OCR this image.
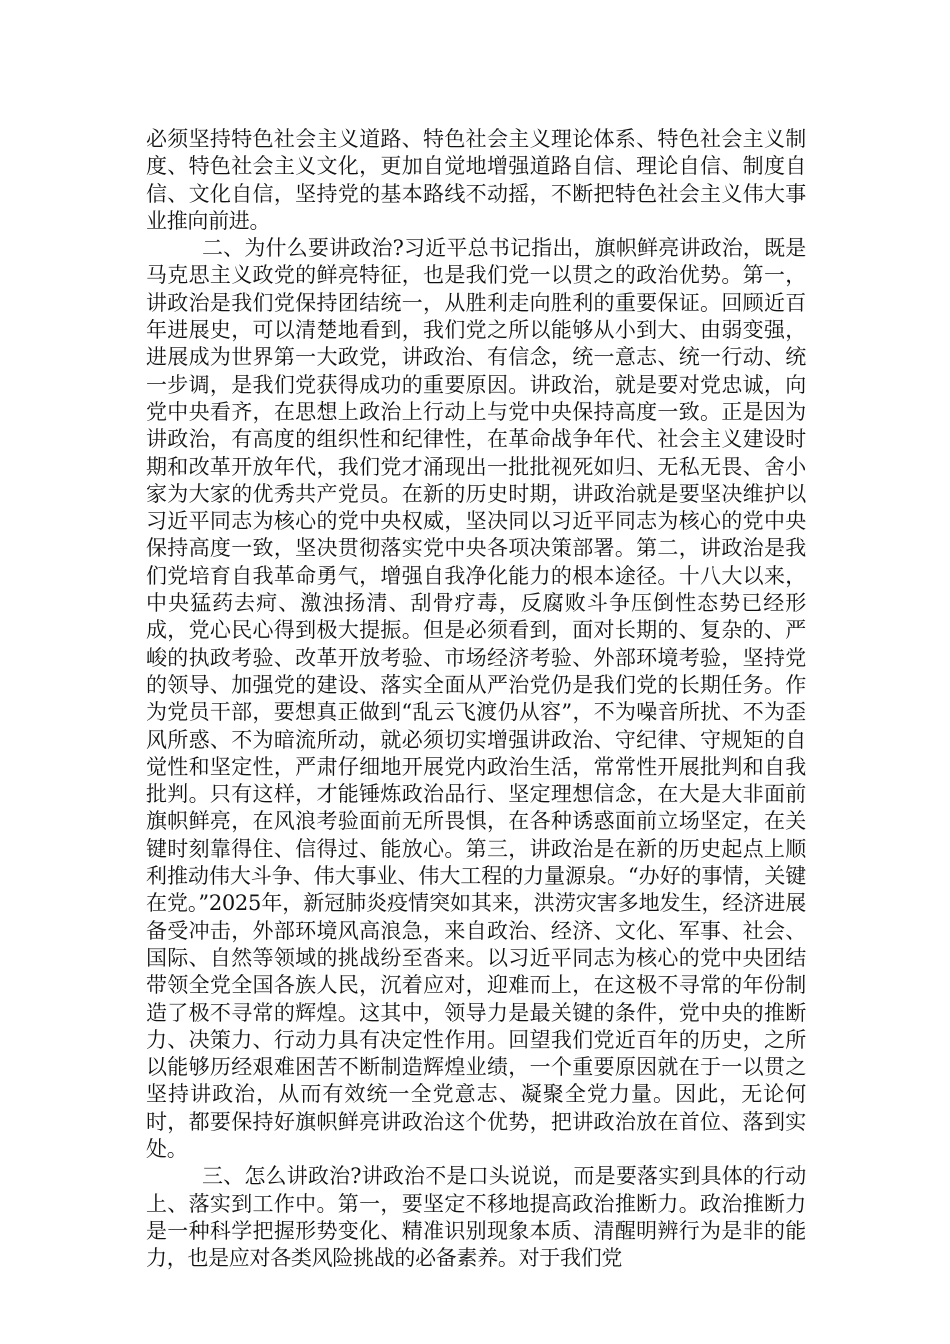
必须坚持特色社会主义道路、特色社会主义理论体系、特色社会主义制度、特色社会主义文化，更加自觉地增强道路自信、理论自信、制度自信、文化自信，坚持党的基本路线不动摇，不断把特色社会主义伟大事业推向前进。

二、为什么要讲政治?习近平总书记指出，旗帜鲜亮讲政治，既是马克思主义政党的鲜亮特征，也是我们党一以贯之的政治优势。第一，讲政治是我们党保持团结统一，从胜利走向胜利的重要保证。回顾近百年进展史，可以清楚地看到，我们党之所以能够从小到大、由弱变强，进展成为世界第一大政党，讲政治、有信念，统一意志、统一行动、统一步调，是我们党获得成功的重要原因。讲政治，就是要对党忠诚，向党中央看齐，在思想上政治上行动上与党中央保持高度一致。正是因为讲政治，有高度的组织性和纪律性，在革命战争年代、社会主义建设时期和改革开放年代，我们党才涌现出一批批视死如归、无私无畏、舍小家为大家的优秀共产党员。在新的历史时期，讲政治就是要坚决维护以习近平同志为核心的党中央权威，坚决同以习近平同志为核心的党中央保持高度一致，坚决贯彻落实党中央各项决策部署。第二，讲政治是我们党培育自我革命勇气，增强自我净化能力的根本途径。十八大以来，中央猛药去疴、激浊扬清、刮骨疗毒，反腐败斗争压倒性态势已经形成，党心民心得到极大提振。但是必须看到，面对长期的、复杂的、严峻的执政考验、改革开放考验、市场经济考验、外部环境考验，坚持党的领导、加强党的建设、落实全面从严治党仍是我们党的长期任务。作为党员干部，要想真正做到“乱云飞渡仍从容”，不为噪音所扰、不为歪风所惑、不为暗流所动，就必须切实增强讲政治、守纪律、守规矩的自觉性和坚定性，严肃仔细地开展党内政治生活，常常性开展批判和自我批判。只有这样，才能锤炼政治品行、坚定理想信念，在大是大非面前旗帜鲜亮，在风浪考验面前无所畏惧，在各种诱惑面前立场坚定，在关键时刻靠得住、信得过、能放心。第三，讲政治是在新的历史起点上顺利推动伟大斗争、伟大事业、伟大工程的力量源泉。“办好的事情，关键在党。”2025年，新冠肺炎疫情突如其来，洪涝灾害多地发生，经济进展备受冲击，外部环境风高浪急，来自政治、经济、文化、军事、社会、国际、自然等领域的挑战纷至沓来。以习近平同志为核心的党中央团结带领全党全国各族人民，沉着应对，迎难而上，在这极不寻常的年份制造了极不寻常的辉煌。这其中，领导力是最关键的条件，党中央的推断力、决策力、行动力具有决定性作用。回望我们党近百年的历史，之所以能够历经艰难困苦不断制造辉煌业绩，一个重要原因就在于一以贯之坚持讲政治，从而有效统一全党意志、凝聚全党力量。因此，无论何时，都要保持好旗帜鲜亮讲政治这个优势，把讲政治放在首位、落到实处。

三、怎么讲政治?讲政治不是口头说说，而是要落实到具体的行动上、落实到工作中。第一，要坚定不移地提高政治推断力。政治推断力是一种科学把握形势变化、精准识别现象本质、清醒明辨行为是非的能力，也是应对各类风险挑战的必备素养。对于我们党
